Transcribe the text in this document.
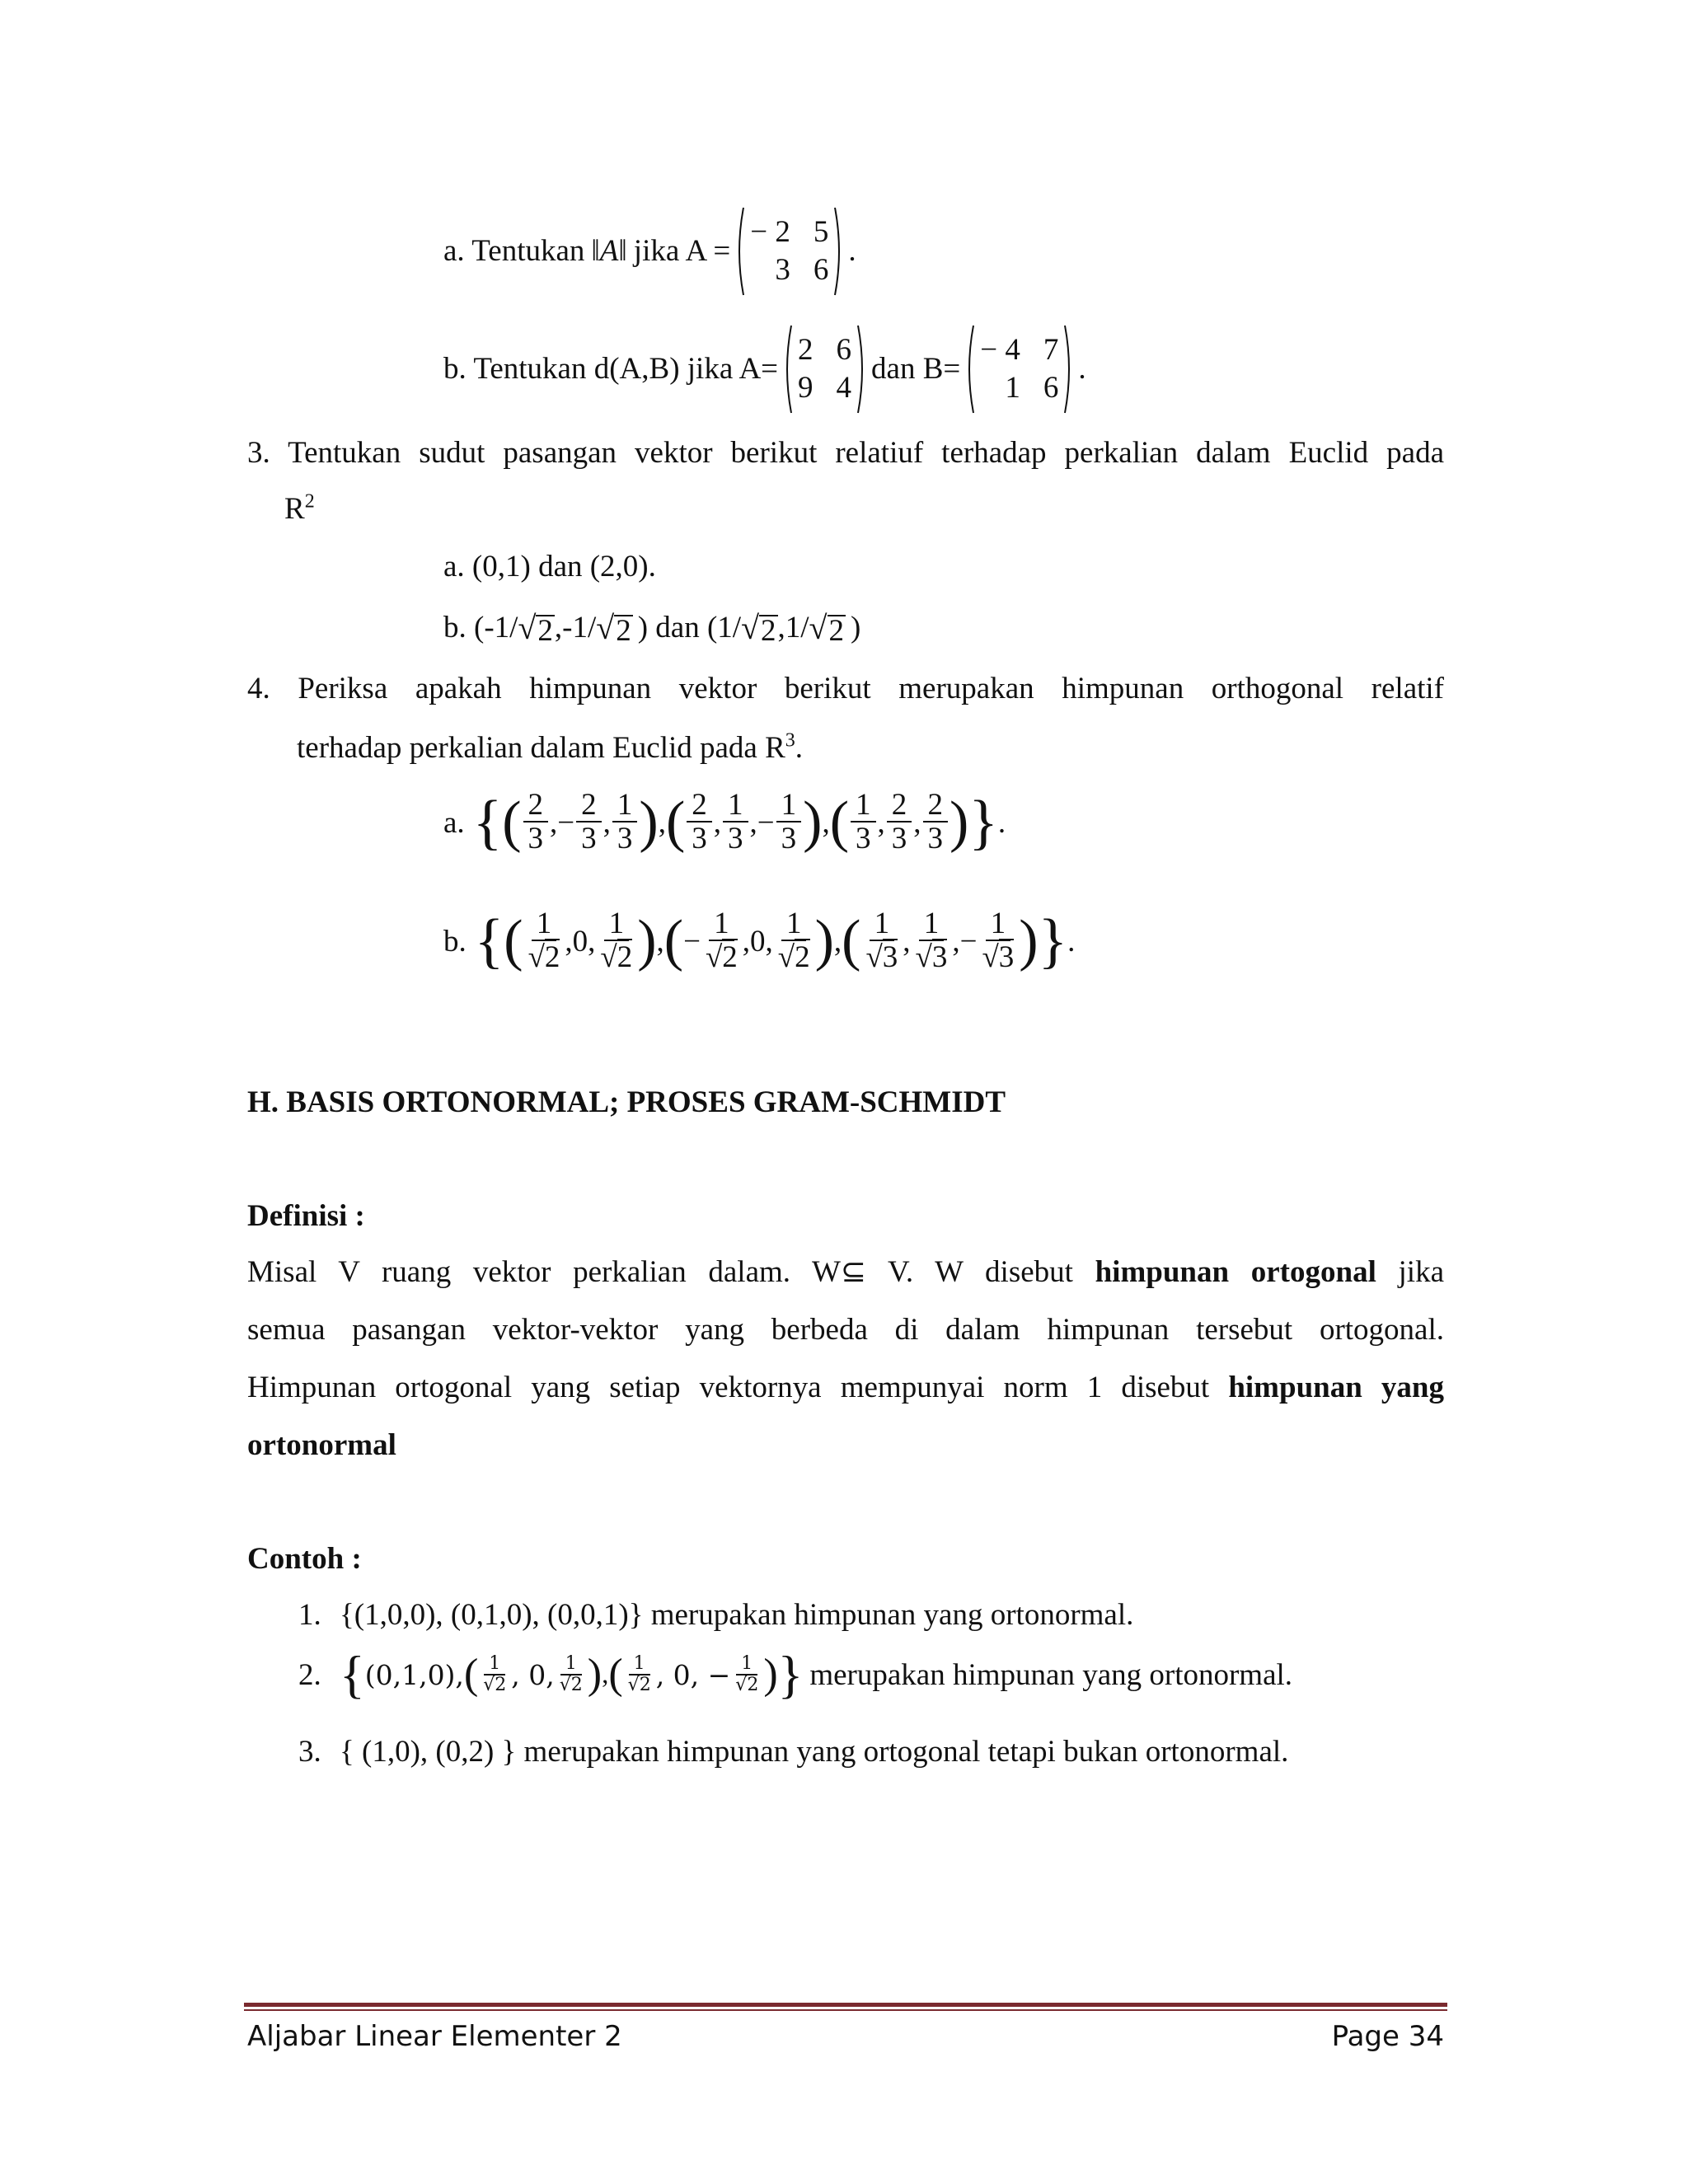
a. Tentukan ‖A‖ jika A =
− 2 5
3 6
.
b. Tentukan d(A,B) jika A=
2 6
9 4
dan B=
− 4 7
1 6
.
3. Tentukan sudut pasangan vektor berikut relatiuf terhadap perkalian dalam Euclid pada
$R^2$
a. (0,1) dan (2,0).
b. (-1/ √ 2 ,-1/ √ 2 ) dan (1/ √ 2 ,1/ √ 2 )
4. Periksa apakah himpunan vektor berikut merupakan himpunan orthogonal relatif
terhadap perkalian dalam Euclid pada $R^3$.
a. { ( $\frac{2}{3}$ , − $\frac{2}{3}$ , $\frac{1}{3}$ ) , ( $\frac{2}{3}$ , $\frac{1}{3}$ , − $\frac{1}{3}$ ) , ( $\frac{1}{3}$ , $\frac{2}{3}$ , $\frac{2}{3}$ ) } .
b. { ( $\frac{1}{√2} ,0$, $\frac{1}{√2}$ ) , ( − $\frac{1}{√2} ,0$, $\frac{1}{√2}$ ) , ( $\frac{1}{√3}$ , $\frac{1}{√3}$ , − $\frac{1}{√3}$ ) } .
H. BASIS ORTONORMAL; PROSES GRAM-SCHMIDT
Definisi :
Misal V ruang vektor perkalian dalam. W⊆ V. W disebut himpunan ortogonal jika
semua pasangan vektor-vektor yang berbeda di dalam himpunan tersebut ortogonal.
Himpunan ortogonal yang setiap vektornya mempunyai norm 1 disebut himpunan yang
ortonormal
Contoh :
1. {(1,0,0), (0,1,0), (0,0,1)} merupakan himpunan yang ortonormal.
2. { (0,1,0), ( 1
√2 , 0, 1
√2 ) , ( 1
√2 , 0, − $\frac{1}{√2}$ ) } merupakan himpunan yang ortonormal.
3. { (1,0), (0,2) } merupakan himpunan yang ortogonal tetapi bukan ortonormal.
Aljabar Linear Elementer 2	Page 34
